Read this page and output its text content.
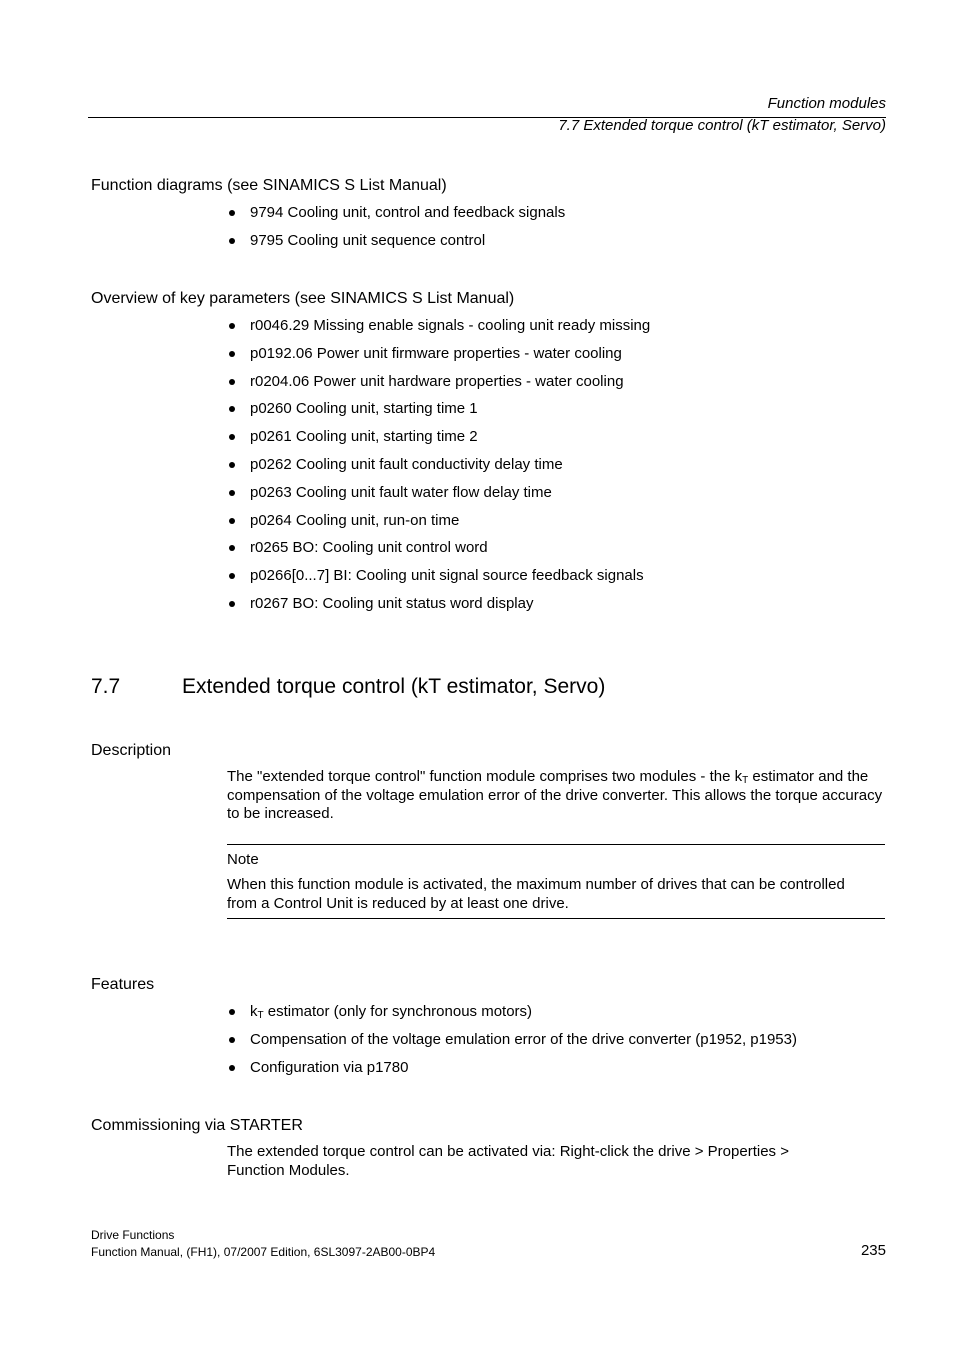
Function modules
7.7 Extended torque control (kT estimator, Servo)
Function diagrams (see SINAMICS S List Manual)
9794 Cooling unit, control and feedback signals
9795 Cooling unit sequence control
Overview of key parameters (see SINAMICS S List Manual)
r0046.29 Missing enable signals - cooling unit ready missing
p0192.06 Power unit firmware properties - water cooling
r0204.06 Power unit hardware properties - water cooling
p0260 Cooling unit, starting time 1
p0261 Cooling unit, starting time 2
p0262 Cooling unit fault conductivity delay time
p0263 Cooling unit fault water flow delay time
p0264 Cooling unit, run-on time
r0265 BO: Cooling unit control word
p0266[0...7] BI: Cooling unit signal source feedback signals
r0267 BO: Cooling unit status word display
7.7	Extended torque control (kT estimator, Servo)
Description

The "extended torque control" function module comprises two modules - the $k_T$ estimator and the compensation of the voltage emulation error of the drive converter. This allows the torque accuracy to be increased.

Note

When this function module is activated, the maximum number of drives that can be controlled from a Control Unit is reduced by at least one drive.

Features
$k_T$ estimator (only for synchronous motors)
Compensation of the voltage emulation error of the drive converter (p1952, p1953)
Configuration via p1780
Commissioning via STARTER

The extended torque control can be activated via: Right-click the drive > Properties > Function Modules.

Drive Functions
Function Manual, (FH1), 07/2007 Edition, 6SL3097-2AB00-0BP4	235
